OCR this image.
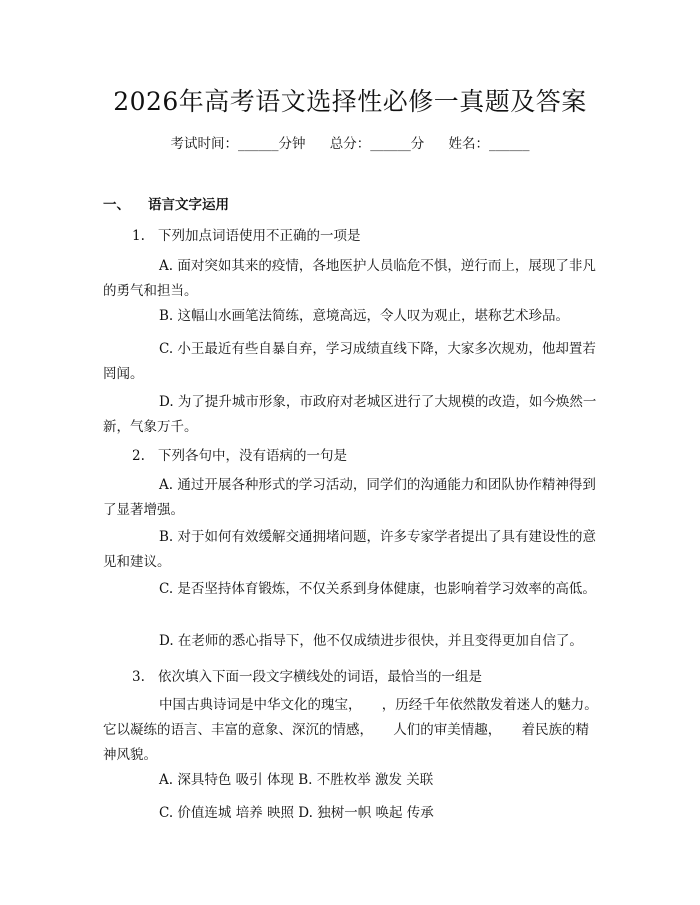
2026年高考语文选择性必修一真题及答案
考试时间：______分钟 总分：______分 姓名：______
一、 语言文字运用
1. 下列加点词语使用不正确的一项是
A. 面对突如其来的疫情，各地医护人员临危不惧，逆行而上，展现了非凡的勇气和担当。
B. 这幅山水画笔法简练，意境高远，令人叹为观止，堪称艺术珍品。
C. 小王最近有些自暴自弃，学习成绩直线下降，大家多次规劝，他却置若罔闻。
D. 为了提升城市形象，市政府对老城区进行了大规模的改造，如今焕然一新，气象万千。
2. 下列各句中，没有语病的一句是
A. 通过开展各种形式的学习活动，同学们的沟通能力和团队协作精神得到了显著增强。
B. 对于如何有效缓解交通拥堵问题，许多专家学者提出了具有建设性的意见和建议。
C. 是否坚持体育锻炼，不仅关系到身体健康，也影响着学习效率的高低。
D. 在老师的悉心指导下，他不仅成绩进步很快，并且变得更加自信了。
3. 依次填入下面一段文字横线处的词语，最恰当的一组是
中国古典诗词是中华文化的瑰宝，　　，历经千年依然散发着迷人的魅力。它以凝练的语言、丰富的意象、深沉的情感，　　人们的审美情趣，　　着民族的精神风貌。
A. 深具特色 吸引 体现 B. 不胜枚举 激发 关联
C. 价值连城 培养 映照 D. 独树一帜 唤起 传承
